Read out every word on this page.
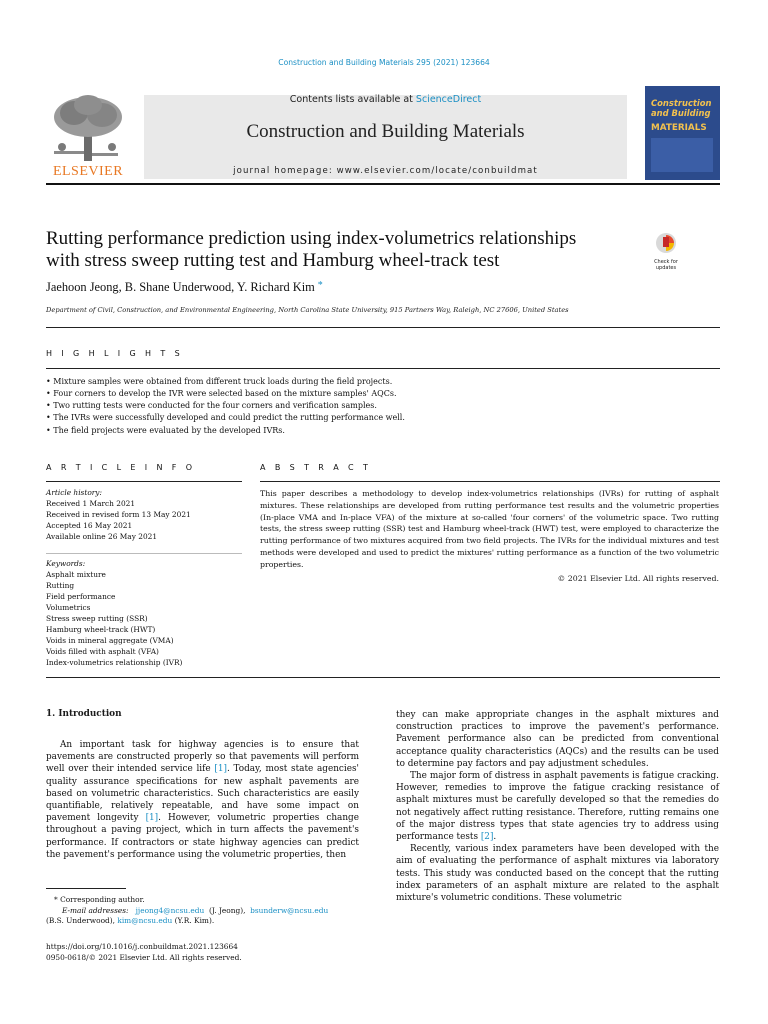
Construction and Building Materials 295 (2021) 123664
ELSEVIER
Contents lists available at ScienceDirect
Construction and Building Materials
journal homepage: www.elsevier.com/locate/conbuildmat
Construction
and Building
MATERIALS
Rutting performance prediction using index-volumetrics relationships
with stress sweep rutting test and Hamburg wheel-track test	Check for
updates
Jaehoon Jeong, B. Shane Underwood, Y. Richard Kim *
Department of Civil, Construction, and Environmental Engineering, North Carolina State University, 915 Partners Way, Raleigh, NC 27606, United States
H I G H L I G H T S
• Mixture samples were obtained from different truck loads during the field projects.
• Four corners to develop the IVR were selected based on the mixture samples' AQCs.
• Two rutting tests were conducted for the four corners and verification samples.
• The IVRs were successfully developed and could predict the rutting performance well.
• The field projects were evaluated by the developed IVRs.
A R T I C L E I N F O
Article history:
Received 1 March 2021
Received in revised form 13 May 2021
Accepted 16 May 2021
Available online 26 May 2021
Keywords:
Asphalt mixture
Rutting
Field performance
Volumetrics
Stress sweep rutting (SSR)
Hamburg wheel-track (HWT)
Voids in mineral aggregate (VMA)
Voids filled with asphalt (VFA)
Index-volumetrics relationship (IVR)
A B S T R A C T
This paper describes a methodology to develop index-volumetrics relationships (IVRs) for rutting of asphalt mixtures. These relationships are developed from rutting performance test results and the volumetric properties (In-place VMA and In-place VFA) of the mixture at so-called 'four corners' of the volumetric space. Two rutting tests, the stress sweep rutting (SSR) test and Hamburg wheel-track (HWT) test, were employed to characterize the rutting performance of two mixtures acquired from two field projects. The IVRs for the individual mixtures and test methods were developed and used to predict the mixtures' rutting performance as a function of the two volumetric properties.
© 2021 Elsevier Ltd. All rights reserved.
1. Introduction
An important task for highway agencies is to ensure that pavements are constructed properly so that pavements will perform well over their intended service life [1]. Today, most state agencies' quality assurance specifications for new asphalt pavements are based on volumetric characteristics. Such characteristics are easily quantifiable, relatively repeatable, and have some impact on pavement longevity [1]. However, volumetric properties change throughout a paving project, which in turn affects the pavement's performance. If contractors or state highway agencies can predict the pavement's performance using the volumetric properties, then
they can make appropriate changes in the asphalt mixtures and construction practices to improve the pavement's performance. Pavement performance also can be predicted from conventional acceptance quality characteristics (AQCs) and the results can be used to determine pay factors and pay adjustment schedules.
The major form of distress in asphalt pavements is fatigue cracking. However, remedies to improve the fatigue cracking resistance of asphalt mixtures must be carefully developed so that the remedies do not negatively affect rutting resistance. Therefore, rutting remains one of the major distress types that state agencies try to address using performance tests [2].
Recently, various index parameters have been developed with the aim of evaluating the performance of asphalt mixtures via laboratory tests. This study was conducted based on the concept that the rutting index parameters of an asphalt mixture are related to the asphalt mixture's volumetric conditions. These volumetric
* Corresponding author.
E-mail addresses: jjeong4@ncsu.edu (J. Jeong), bsunderw@ncsu.edu
(B.S. Underwood), kim@ncsu.edu (Y.R. Kim).
https://doi.org/10.1016/j.conbuildmat.2021.123664
0950-0618/© 2021 Elsevier Ltd. All rights reserved.
